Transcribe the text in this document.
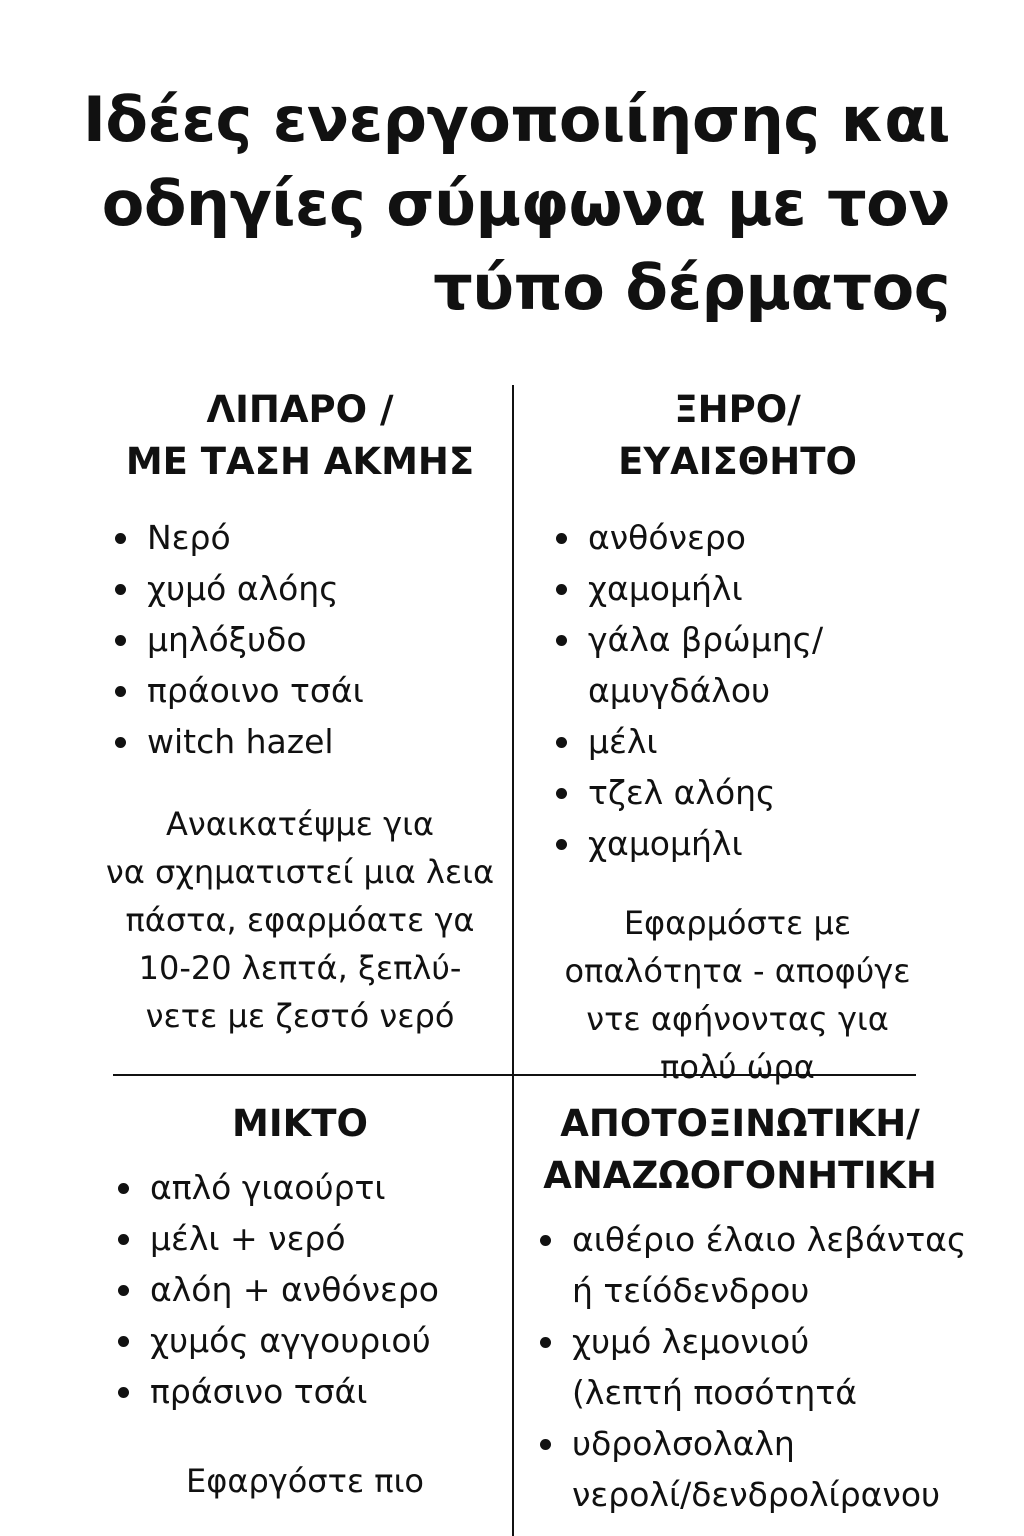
Ιδέες ενεργοποιίησης και
οδηγίες σύμφωνα με τον
τύπο δέρματος
ΛΙΠΑΡΟ /
ΜΕ ΤΑΣΗ ΑΚΜΗΣ
Νερό
χυμό αλόης
μηλόξυδο
πράοινο τσάι
witch hazel
Αναικατέψμε για
να σχηματιστεί μια λεια
πάστα, εφαρμόατε γα
10-20 λεπτά, ξεπλύ-
νετε με ζεστό νερό
ΞΗΡΟ/
ΕΥΑΙΣΘΗΤΟ
ανθόνερο
χαμομήλι
γάλα βρώμης/
αμυγδάλου
μέλι
τζελ αλόης
χαμομήλι
Εφαρμόστε με
οπαλότητα - αποφύγε
ντε αφήνοντας για
πολύ ώρα
ΜΙΚΤΟ
απλό γιαούρτι
μέλι + νερό
αλόη + ανθόνερο
χυμός αγγουριού
πράσινο τσάι
Εφαργόστε πιο
ΑΠΟΤΟΞΙΝΩΤΙΚΗ/
ΑΝΑΖΩΟΓΟΝΗΤΙΚΗ
αιθέριο έλαιο λεβάντας
ή τείόδενδρου
χυμό λεμονιού
(λεπτή ποσότητά
υδρολσολαλη
νερολί/δενδρολίρανου
